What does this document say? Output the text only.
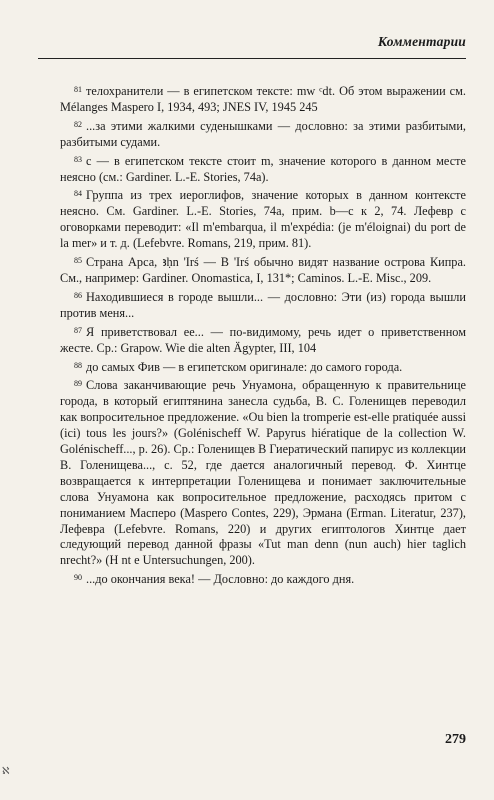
Комментарии

$^{81}$ телохранители — в египетском тексте: mw ᶜdt. Об этом выражении см. Mélanges Maspero I, 1934, 493; JNES IV, 1945 245

$^{82}$ ...за этими жалкими суденышками — дословно: за этими разбитыми, разбитыми судами.

$^{83}$ с — в египетском тексте стоит m, значение которого в данном месте неясно (см.: Gardiner. L.-E. Stories, 74а).

$^{84}$ Группа из трех иероглифов, значение которых в данном контексте неясно. См. Gardiner. L.-E. Stories, 74a, прим. b—с к 2, 74. Лефевр с оговорками переводит: «Il m'embarqua, il m'expédia: (je m'éloignai) du port de la mer» и т. д. (Lefebvre. Romans, 219, прим. 81).

$^{85}$ Страна Арса, ꜣḥn 'Irś — В 'Irś обычно видят название острова Кипра. См., например: Gardiner. Onomastica, I, 131*; Caminos. L.-E. Misc., 209.

$^{86}$ Находившиеся в городе вышли... — дословно: Эти (из) города вышли против меня...

$^{87}$ Я приветствовал ее... — по-видимому, речь идет о приветственном жесте. Ср.: Grapow. Wie die alten Ägypter, III, 104

$^{88}$ до самых Фив — в египетском оригинале: до самого города.

$^{89}$ Слова заканчивающие речь Унуамона, обращенную к правительнице города, в который египтянина занесла судьба, В. С. Голенищев переводил как вопросительное предложение. «Ou bien la tromperie est-elle pratiquée aussi (ici) tous les jours?» (Golénischeff W. Papyrus hiératique de la collection W. Golénischeff..., p. 26). Ср.: Голенищев В Гиератический папирус из коллекции В. Голенищева..., с. 52, где дается аналогичный перевод. Ф. Хинтце возвращается к интерпретации Голенищева и понимает заключительные слова Унуамона как вопросительное предложение, расходясь притом с пониманием Масперо (Maspero Contes, 229), Эрмана (Erman. Literatur, 237), Лефевра (Lefebvre. Romans, 220) и других египтологов Хинтце дает следующий перевод данной фразы «Tut man denn (nun auch) hier taglich nrecht?» (H nt e Untersuchungen, 200).

$^{90}$ ...до окончания века! — Дословно: до каждого дня.

279
ℵ
